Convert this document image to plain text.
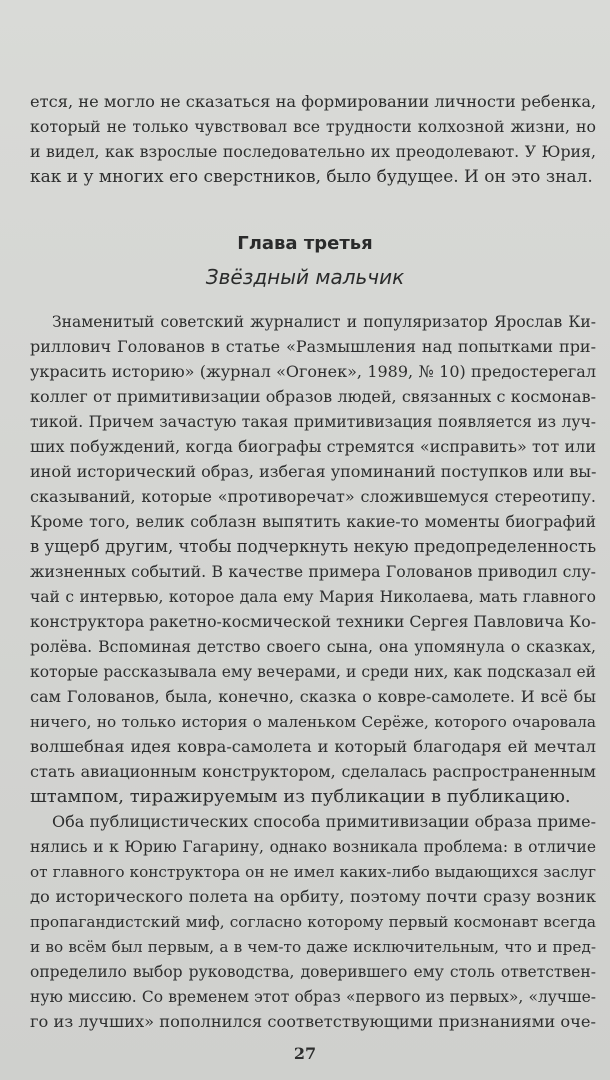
ется, не могло не сказаться на формировании личности ребенка,
который не только чувствовал все трудности колхозной жизни, но
и видел, как взрослые последовательно их преодолевают. У Юрия,
как и у многих его сверстников, было будущее. И он это знал.
Глава третья
Звёздный мальчик
Знаменитый советский журналист и популяризатор Ярослав Ки-
риллович Голованов в статье «Размышления над попытками при-
украсить историю» (журнал «Огонек», 1989, № 10) предостерегал
коллег от примитивизации образов людей, связанных с космонав-
тикой. Причем зачастую такая примитивизация появляется из луч-
ших побуждений, когда биографы стремятся «исправить» тот или
иной исторический образ, избегая упоминаний поступков или вы-
сказываний, которые «противоречат» сложившемуся стереотипу.
Кроме того, велик соблазн выпятить какие-то моменты биографий
в ущерб другим, чтобы подчеркнуть некую предопределенность
жизненных событий. В качестве примера Голованов приводил слу-
чай с интервью, которое дала ему Мария Николаева, мать главного
конструктора ракетно-космической техники Сергея Павловича Ко-
ролёва. Вспоминая детство своего сына, она упомянула о сказках,
которые рассказывала ему вечерами, и среди них, как подсказал ей
сам Голованов, была, конечно, сказка о ковре-самолете. И всё бы
ничего, но только история о маленьком Серёже, которого очаровала
волшебная идея ковра-самолета и который благодаря ей мечтал
стать авиационным конструктором, сделалась распространенным
штампом, тиражируемым из публикации в публикацию.
Оба публицистических способа примитивизации образа приме-
нялись и к Юрию Гагарину, однако возникала проблема: в отличие
от главного конструктора он не имел каких-либо выдающихся заслуг
до исторического полета на орбиту, поэтому почти сразу возник
пропагандистский миф, согласно которому первый космонавт всегда
и во всём был первым, а в чем-то даже исключительным, что и пред-
определило выбор руководства, доверившего ему столь ответствен-
ную миссию. Со временем этот образ «первого из первых», «лучше-
го из лучших» пополнился соответствующими признаниями оче-
27
